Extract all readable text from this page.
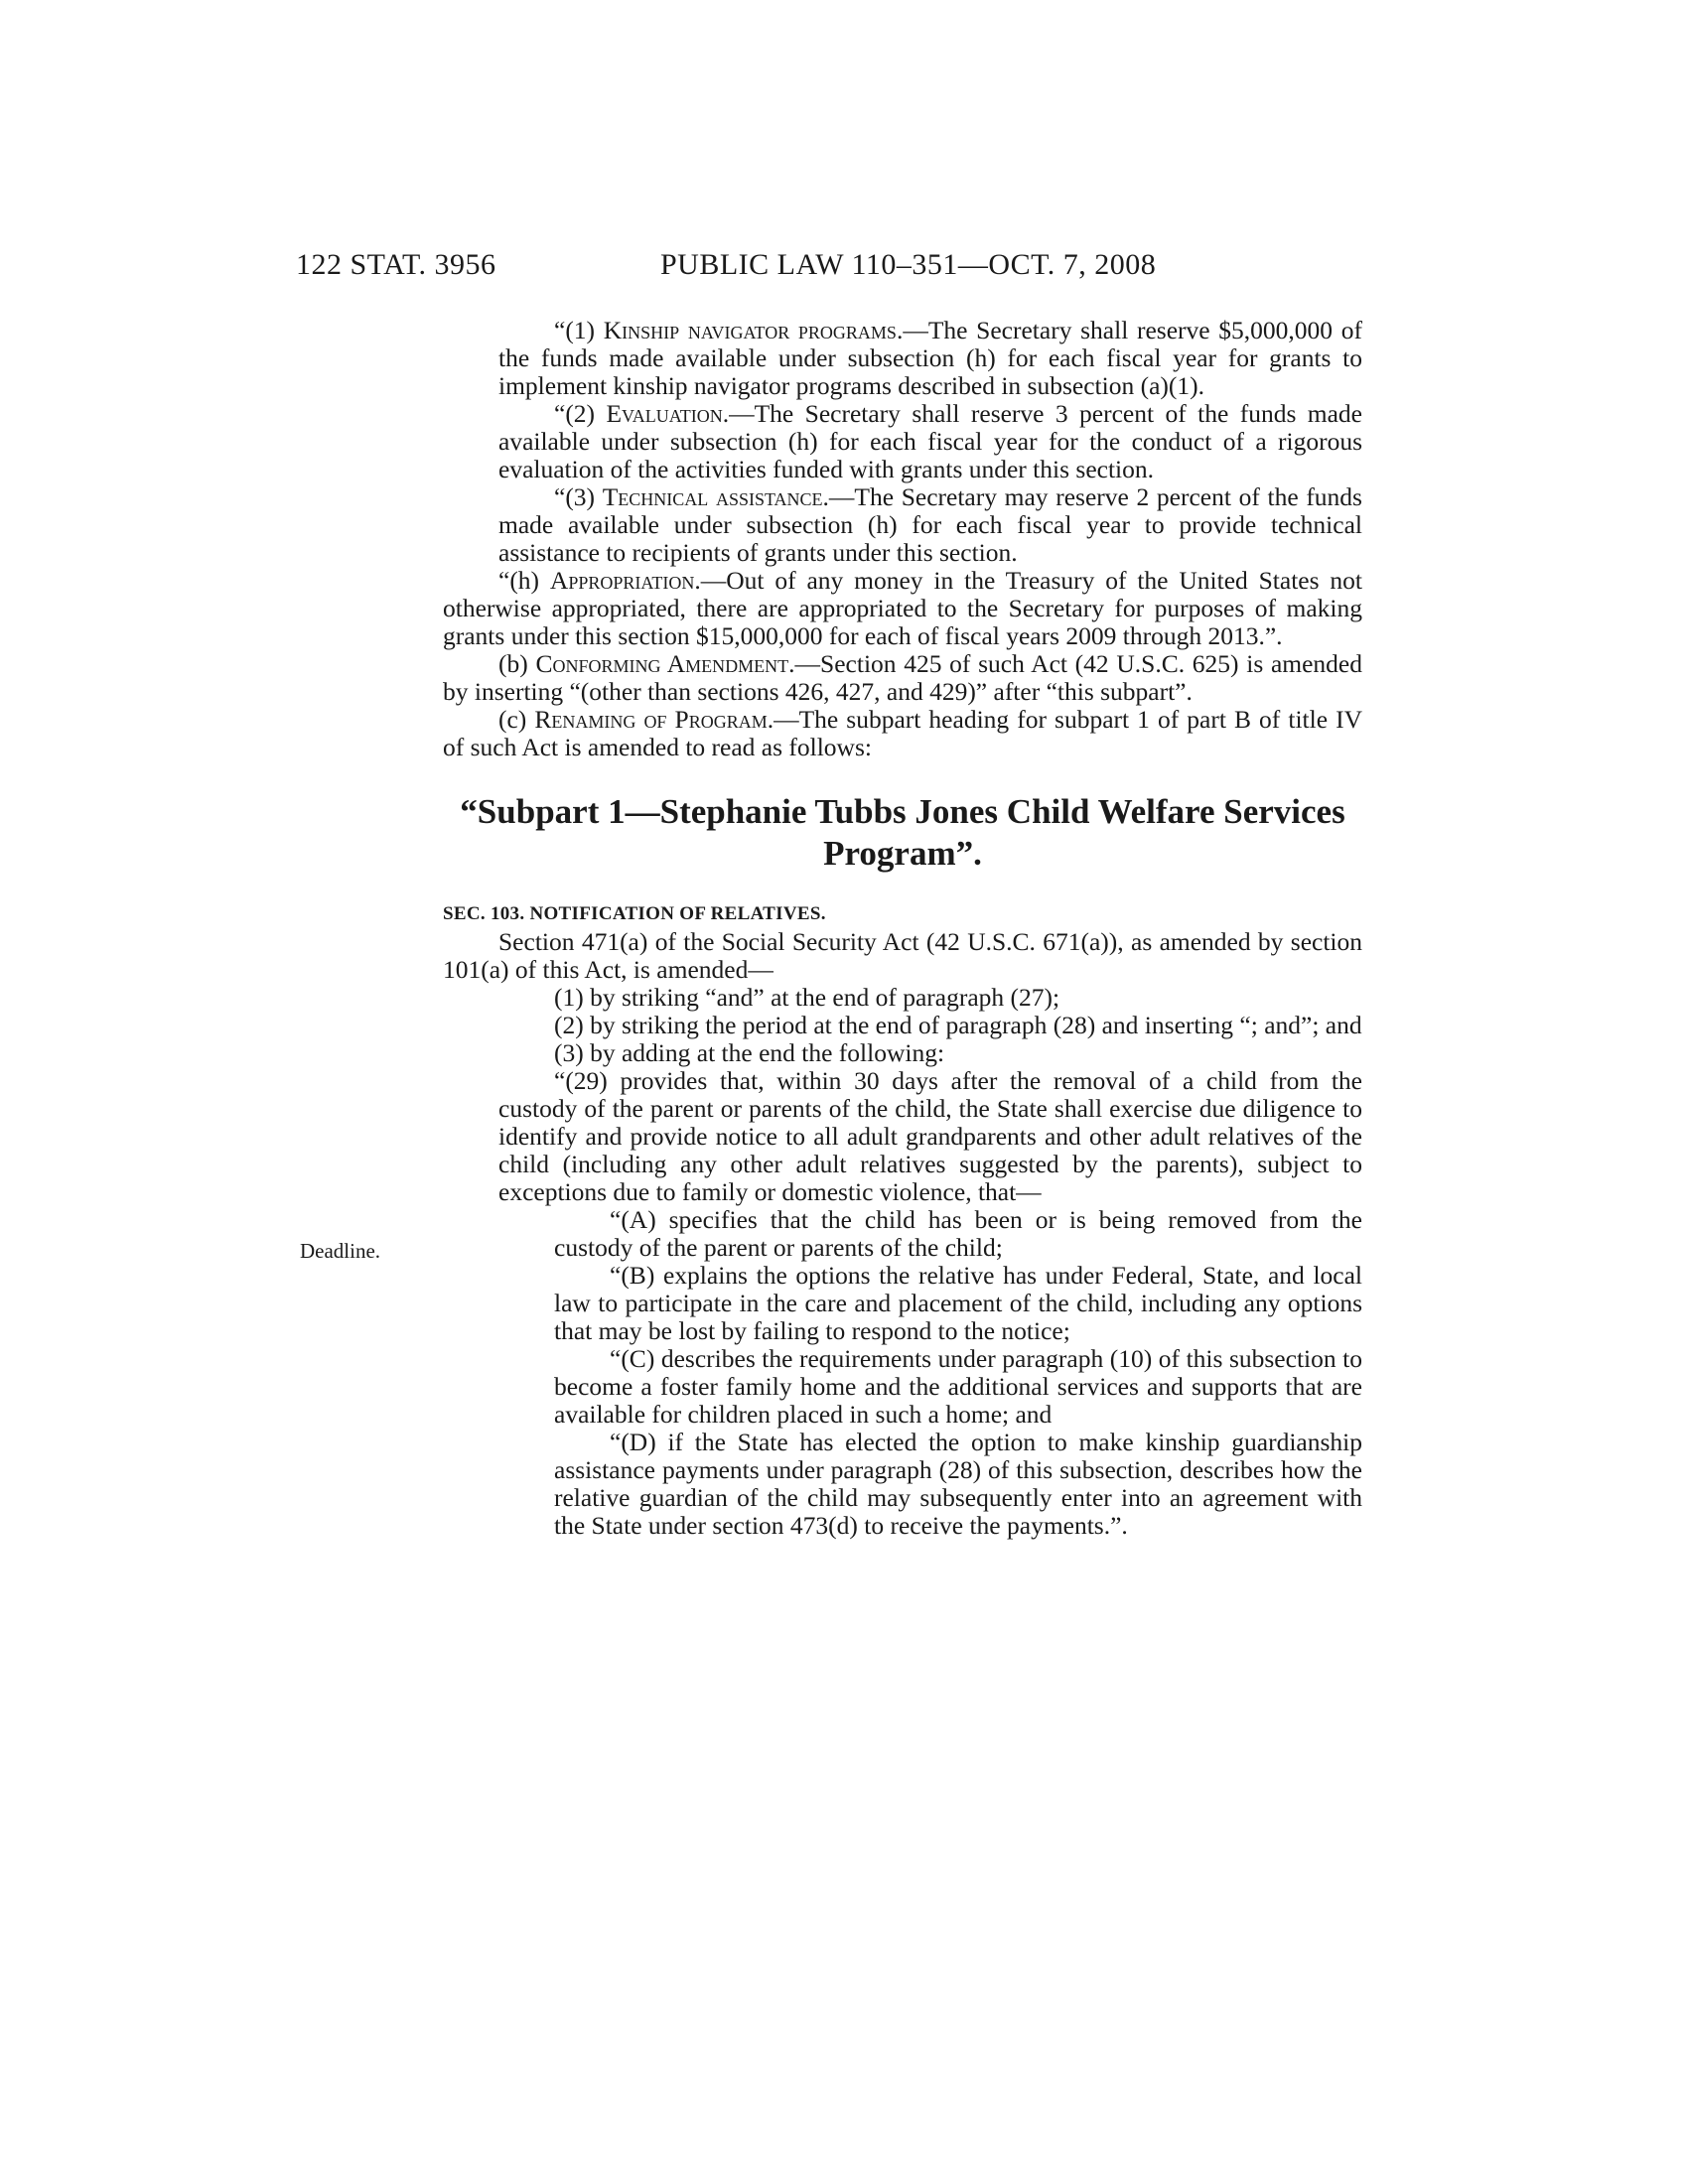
122 STAT. 3956	PUBLIC LAW 110–351—OCT. 7, 2008
Deadline.

“(1) Kinship navigator programs.—The Secretary shall reserve $5,000,000 of the funds made available under subsection (h) for each fiscal year for grants to implement kinship navigator programs described in subsection (a)(1).

“(2) Evaluation.—The Secretary shall reserve 3 percent of the funds made available under subsection (h) for each fiscal year for the conduct of a rigorous evaluation of the activities funded with grants under this section.

“(3) Technical assistance.—The Secretary may reserve 2 percent of the funds made available under subsection (h) for each fiscal year to provide technical assistance to recipients of grants under this section.

“(h) Appropriation.—Out of any money in the Treasury of the United States not otherwise appropriated, there are appropriated to the Secretary for purposes of making grants under this section $15,000,000 for each of fiscal years 2009 through 2013.”.

(b) Conforming Amendment.—Section 425 of such Act (42 U.S.C. 625) is amended by inserting “(other than sections 426, 427, and 429)” after “this subpart”.

(c) Renaming of Program.—The subpart heading for subpart 1 of part B of title IV of such Act is amended to read as follows:

“Subpart 1—Stephanie Tubbs Jones Child Welfare Services Program”.

SEC. 103. NOTIFICATION OF RELATIVES.

Section 471(a) of the Social Security Act (42 U.S.C. 671(a)), as amended by section 101(a) of this Act, is amended—

(1) by striking “and” at the end of paragraph (27);

(2) by striking the period at the end of paragraph (28) and inserting “; and”; and

(3) by adding at the end the following:

“(29) provides that, within 30 days after the removal of a child from the custody of the parent or parents of the child, the State shall exercise due diligence to identify and provide notice to all adult grandparents and other adult relatives of the child (including any other adult relatives suggested by the parents), subject to exceptions due to family or domestic violence, that—

“(A) specifies that the child has been or is being removed from the custody of the parent or parents of the child;

“(B) explains the options the relative has under Federal, State, and local law to participate in the care and placement of the child, including any options that may be lost by failing to respond to the notice;

“(C) describes the requirements under paragraph (10) of this subsection to become a foster family home and the additional services and supports that are available for children placed in such a home; and

“(D) if the State has elected the option to make kinship guardianship assistance payments under paragraph (28) of this subsection, describes how the relative guardian of the child may subsequently enter into an agreement with the State under section 473(d) to receive the payments.”.
